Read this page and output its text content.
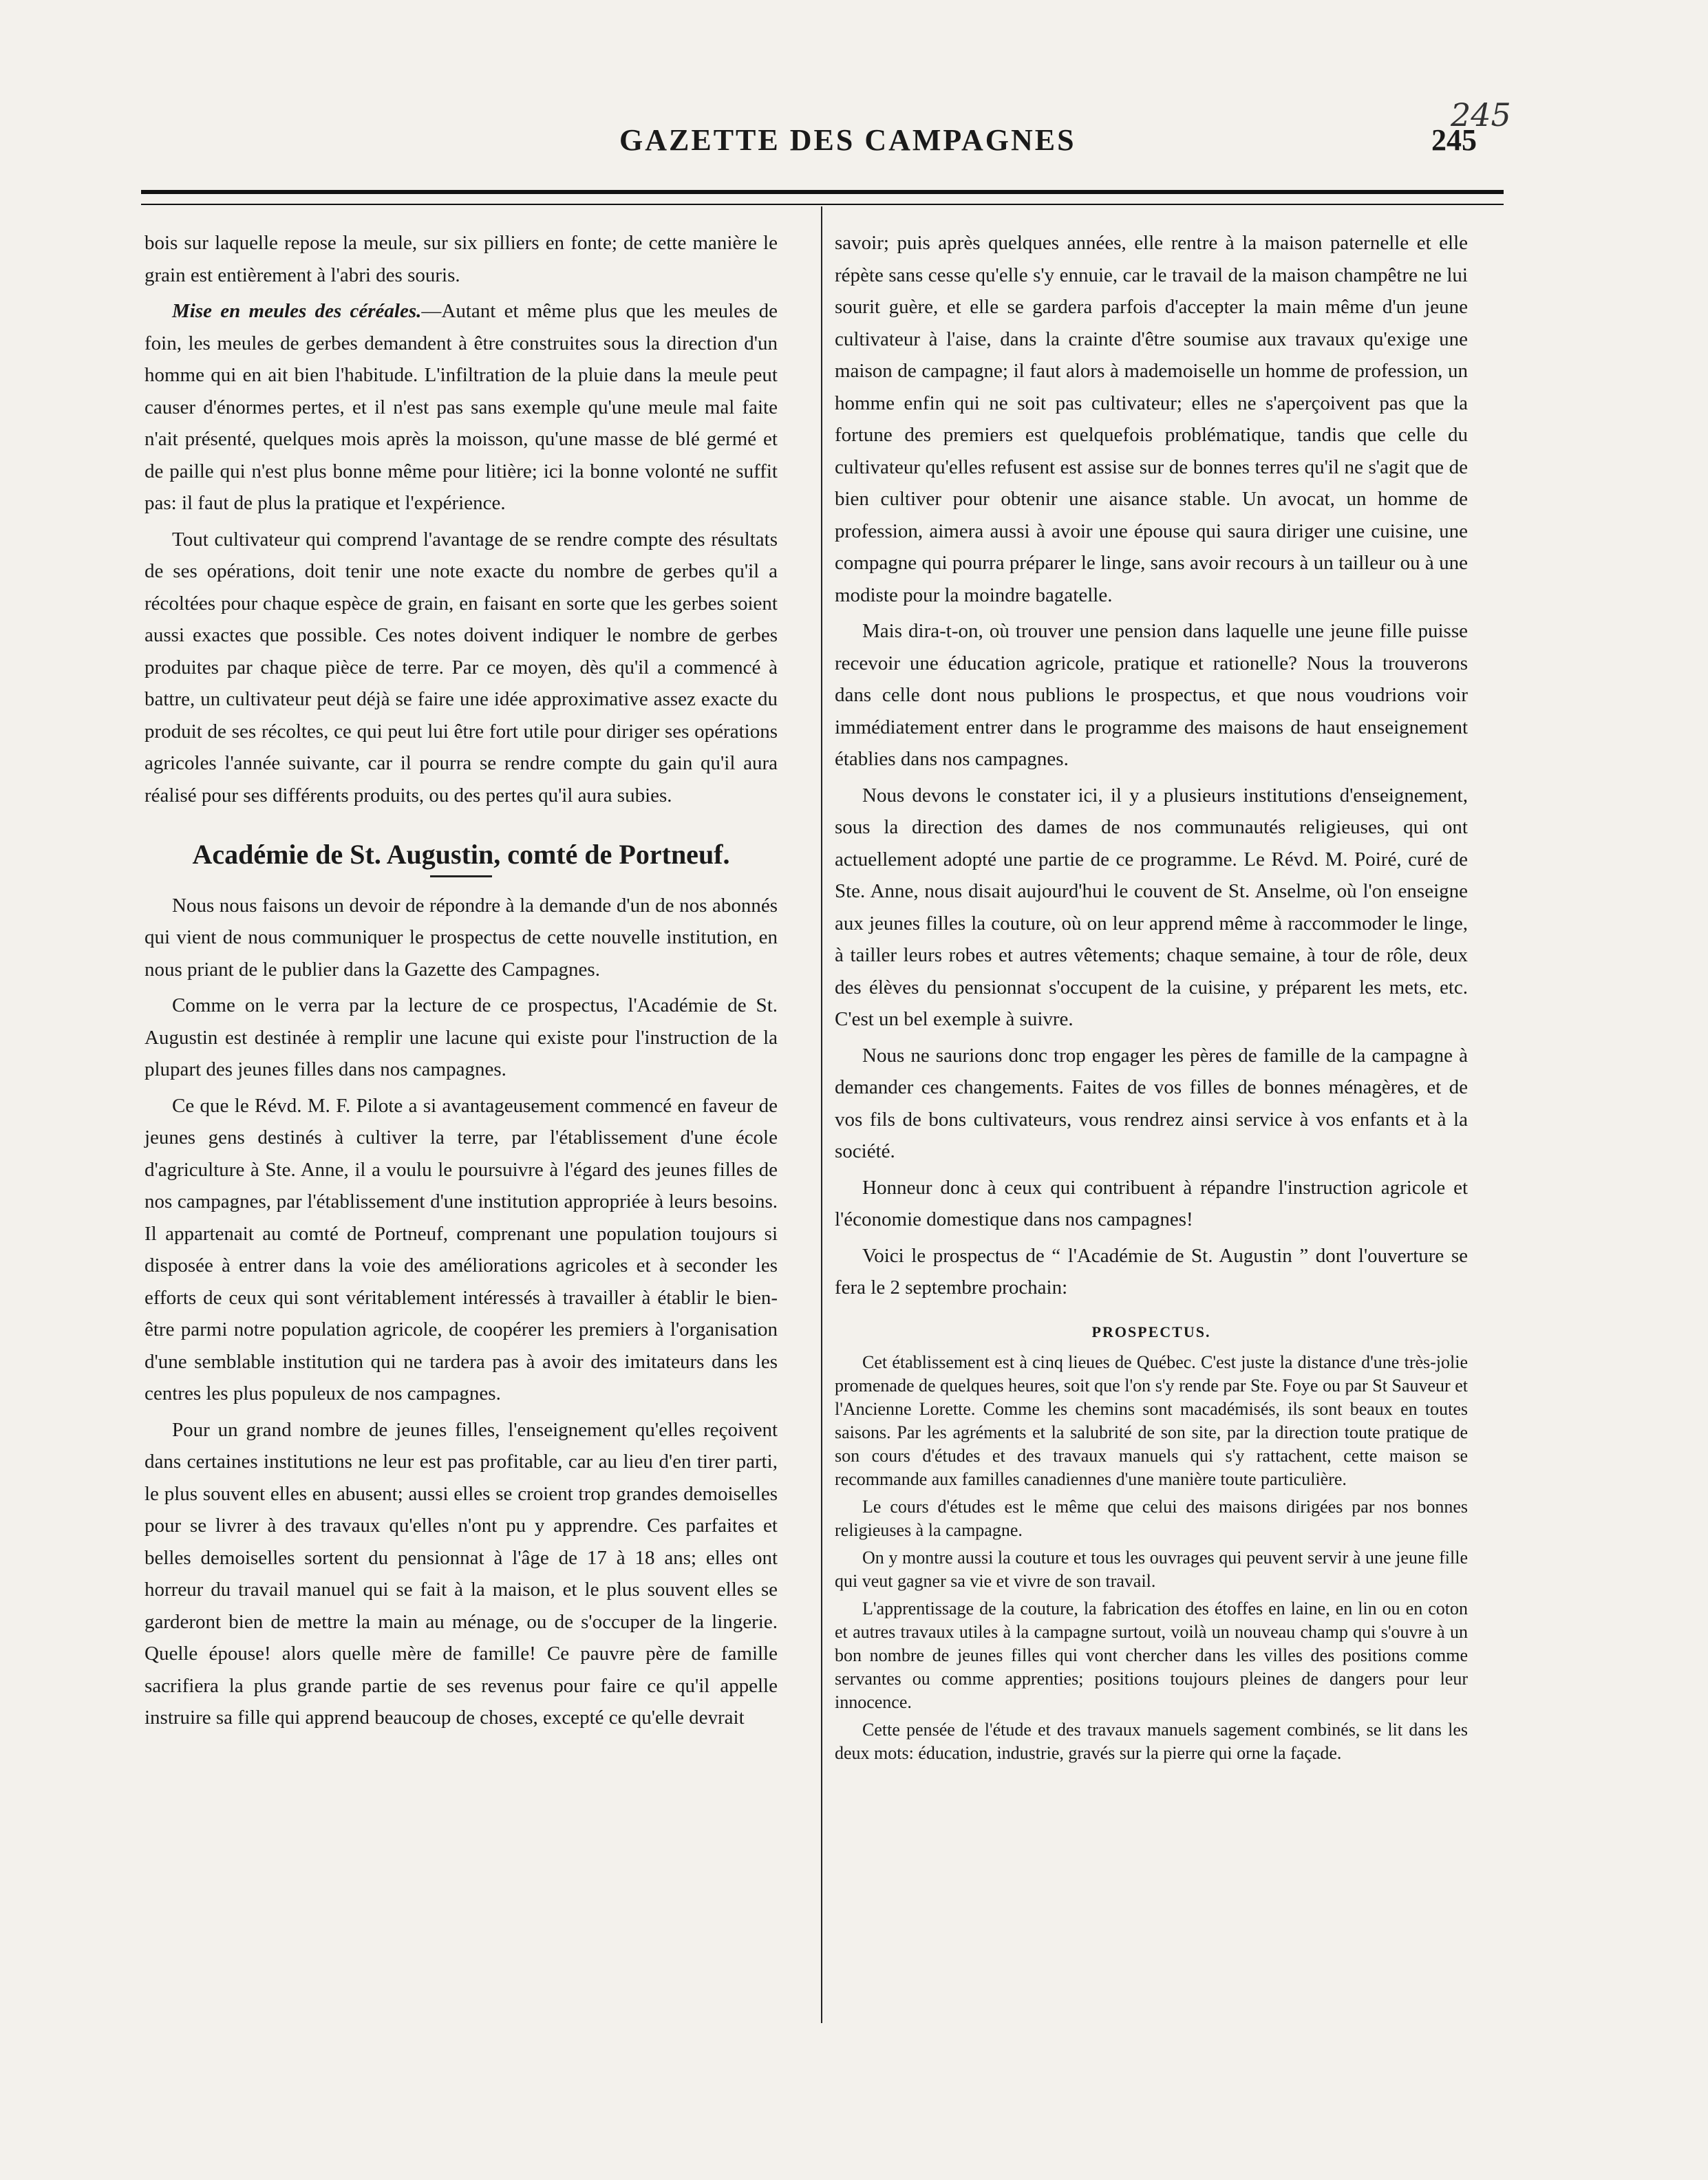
245
GAZETTE DES CAMPAGNES	245

bois sur laquelle repose la meule, sur six pilliers en fonte; de cette manière le grain est entièrement à l'abri des souris.

Mise en meules des céréales.—Autant et même plus que les meules de foin, les meules de gerbes demandent à être construites sous la direction d'un homme qui en ait bien l'habitude. L'infiltration de la pluie dans la meule peut causer d'énormes pertes, et il n'est pas sans exemple qu'une meule mal faite n'ait présenté, quelques mois après la moisson, qu'une masse de blé germé et de paille qui n'est plus bonne même pour litière; ici la bonne volonté ne suffit pas: il faut de plus la pratique et l'expérience.

Tout cultivateur qui comprend l'avantage de se rendre compte des résultats de ses opérations, doit tenir une note exacte du nombre de gerbes qu'il a récoltées pour chaque espèce de grain, en faisant en sorte que les gerbes soient aussi exactes que possible. Ces notes doivent indiquer le nombre de gerbes produites par chaque pièce de terre. Par ce moyen, dès qu'il a commencé à battre, un cultivateur peut déjà se faire une idée approximative assez exacte du produit de ses récoltes, ce qui peut lui être fort utile pour diriger ses opérations agricoles l'année suivante, car il pourra se rendre compte du gain qu'il aura réalisé pour ses différents produits, ou des pertes qu'il aura subies.

Académie de St. Augustin, comté de Portneuf.

Nous nous faisons un devoir de répondre à la demande d'un de nos abonnés qui vient de nous communiquer le prospectus de cette nouvelle institution, en nous priant de le publier dans la Gazette des Campagnes.

Comme on le verra par la lecture de ce prospectus, l'Académie de St. Augustin est destinée à remplir une lacune qui existe pour l'instruction de la plupart des jeunes filles dans nos campagnes.

Ce que le Révd. M. F. Pilote a si avantageusement commencé en faveur de jeunes gens destinés à cultiver la terre, par l'établissement d'une école d'agriculture à Ste. Anne, il a voulu le poursuivre à l'égard des jeunes filles de nos campagnes, par l'établissement d'une institution appropriée à leurs besoins. Il appartenait au comté de Portneuf, comprenant une population toujours si disposée à entrer dans la voie des améliorations agricoles et à seconder les efforts de ceux qui sont véritablement intéressés à travailler à établir le bien-être parmi notre population agricole, de coopérer les premiers à l'organisation d'une semblable institution qui ne tardera pas à avoir des imitateurs dans les centres les plus populeux de nos campagnes.

Pour un grand nombre de jeunes filles, l'enseignement qu'elles reçoivent dans certaines institutions ne leur est pas profitable, car au lieu d'en tirer parti, le plus souvent elles en abusent; aussi elles se croient trop grandes demoiselles pour se livrer à des travaux qu'elles n'ont pu y apprendre. Ces parfaites et belles demoiselles sortent du pensionnat à l'âge de 17 à 18 ans; elles ont horreur du travail manuel qui se fait à la maison, et le plus souvent elles se garderont bien de mettre la main au ménage, ou de s'occuper de la lingerie. Quelle épouse! alors quelle mère de famille! Ce pauvre père de famille sacrifiera la plus grande partie de ses revenus pour faire ce qu'il appelle instruire sa fille qui apprend beaucoup de choses, excepté ce qu'elle devrait

savoir; puis après quelques années, elle rentre à la maison paternelle et elle répète sans cesse qu'elle s'y ennuie, car le travail de la maison champêtre ne lui sourit guère, et elle se gardera parfois d'accepter la main même d'un jeune cultivateur à l'aise, dans la crainte d'être soumise aux travaux qu'exige une maison de campagne; il faut alors à mademoiselle un homme de profession, un homme enfin qui ne soit pas cultivateur; elles ne s'aperçoivent pas que la fortune des premiers est quelquefois problématique, tandis que celle du cultivateur qu'elles refusent est assise sur de bonnes terres qu'il ne s'agit que de bien cultiver pour obtenir une aisance stable. Un avocat, un homme de profession, aimera aussi à avoir une épouse qui saura diriger une cuisine, une compagne qui pourra préparer le linge, sans avoir recours à un tailleur ou à une modiste pour la moindre bagatelle.

Mais dira-t-on, où trouver une pension dans laquelle une jeune fille puisse recevoir une éducation agricole, pratique et rationelle? Nous la trouverons dans celle dont nous publions le prospectus, et que nous voudrions voir immédiatement entrer dans le programme des maisons de haut enseignement établies dans nos campagnes.

Nous devons le constater ici, il y a plusieurs institutions d'enseignement, sous la direction des dames de nos communautés religieuses, qui ont actuellement adopté une partie de ce programme. Le Révd. M. Poiré, curé de Ste. Anne, nous disait aujourd'hui le couvent de St. Anselme, où l'on enseigne aux jeunes filles la couture, où on leur apprend même à raccommoder le linge, à tailler leurs robes et autres vêtements; chaque semaine, à tour de rôle, deux des élèves du pensionnat s'occupent de la cuisine, y préparent les mets, etc. C'est un bel exemple à suivre.

Nous ne saurions donc trop engager les pères de famille de la campagne à demander ces changements. Faites de vos filles de bonnes ménagères, et de vos fils de bons cultivateurs, vous rendrez ainsi service à vos enfants et à la société.

Honneur donc à ceux qui contribuent à répandre l'instruction agricole et l'économie domestique dans nos campagnes!

Voici le prospectus de “ l'Académie de St. Augustin ” dont l'ouverture se fera le 2 septembre prochain:

PROSPECTUS.

Cet établissement est à cinq lieues de Québec. C'est juste la distance d'une très-jolie promenade de quelques heures, soit que l'on s'y rende par Ste. Foye ou par St Sauveur et l'Ancienne Lorette. Comme les chemins sont macadémisés, ils sont beaux en toutes saisons. Par les agréments et la salubrité de son site, par la direction toute pratique de son cours d'études et des travaux manuels qui s'y rattachent, cette maison se recommande aux familles canadiennes d'une manière toute particulière.

Le cours d'études est le même que celui des maisons dirigées par nos bonnes religieuses à la campagne.

On y montre aussi la couture et tous les ouvrages qui peuvent servir à une jeune fille qui veut gagner sa vie et vivre de son travail.

L'apprentissage de la couture, la fabrication des étoffes en laine, en lin ou en coton et autres travaux utiles à la campagne surtout, voilà un nouveau champ qui s'ouvre à un bon nombre de jeunes filles qui vont chercher dans les villes des positions comme servantes ou comme apprenties; positions toujours pleines de dangers pour leur innocence.

Cette pensée de l'étude et des travaux manuels sagement combinés, se lit dans les deux mots: éducation, industrie, gravés sur la pierre qui orne la façade.
